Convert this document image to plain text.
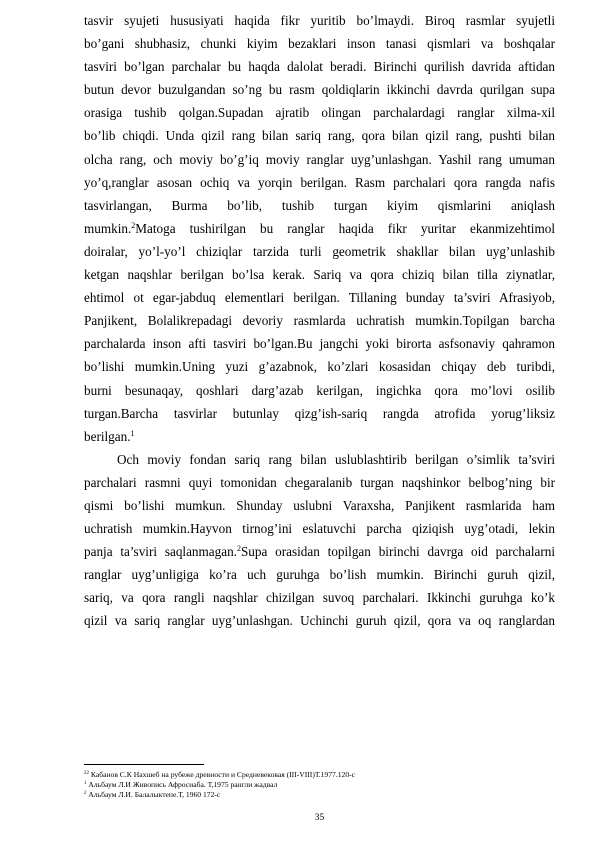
tasvir syujeti hususiyati haqida fikr yuritib bo’lmaydi. Biroq rasmlar syujetli
bo’gani shubhasiz, chunki kiyim bezaklari inson tanasi qismlari va boshqalar
tasviri bo’lgan parchalar bu haqda dalolat beradi. Birinchi qurilish davrida aftidan
butun devor buzulgandan so’ng bu rasm qoldiqlarin ikkinchi davrda qurilgan supa
orasiga tushib qolgan.Supadan ajratib olingan parchalardagi ranglar xilma-xil
bo’lib chiqdi. Unda qizil rang bilan sariq rang, qora bilan qizil rang, pushti bilan
olcha rang, och moviy bo’g’iq moviy ranglar uyg’unlashgan. Yashil rang umuman
yo’q,ranglar asosan ochiq va yorqin berilgan. Rasm parchalari qora rangda nafis
tasvirlangan, Burma bo’lib, tushib turgan kiyim qismlarini aniqlash
mumkin.$^2$Matoga tushirilgan bu ranglar haqida fikr yuritar ekanmizehtimol
doiralar, yo’l-yo’l chiziqlar tarzida turli geometrik shakllar bilan uyg’unlashib
ketgan naqshlar berilgan bo’lsa kerak. Sariq va qora chiziq bilan tilla ziynatlar,
ehtimol ot egar-jabduq elementlari berilgan. Tillaning bunday ta’sviri Afrasiyob,
Panjikent, Bolalikrepadagi devoriy rasmlarda uchratish mumkin.Topilgan barcha
parchalarda inson afti tasviri bo’lgan.Bu jangchi yoki birorta asfsonaviy qahramon
bo’lishi mumkin.Uning yuzi g’azabnok, ko’zlari kosasidan chiqay deb turibdi,
burni besunaqay, qoshlari darg’azab kerilgan, ingichka qora mo’lovi osilib
turgan.Barcha tasvirlar butunlay qizg’ish-sariq rangda atrofida yorug’liksiz
berilgan.$^1$
Och moviy fondan sariq rang bilan uslublashtirib berilgan o’simlik ta’sviri
parchalari rasmni quyi tomonidan chegaralanib turgan naqshinkor belbog’ning bir
qismi bo’lishi mumkun. Shunday uslubni Varaxsha, Panjikent rasmlarida ham
uchratish mumkin.Hayvon tirnog’ini eslatuvchi parcha qiziqish uyg’otadi, lekin
panja ta’sviri saqlanmagan.$^2$Supa orasidan topilgan birinchi davrga oid parchalarni
ranglar uyg’unligiga ko’ra uch guruhga bo’lish mumkin. Birinchi guruh qizil,
sariq, va qora rangli naqshlar chizilgan suvoq parchalari. Ikkinchi guruhga ko’k
qizil va sariq ranglar uyg’unlashgan. Uchinchi guruh qizil, qora va oq ranglardan
$^{22}$ Кабанов С.К Нахшеб на рубеже древности и Средневековая (III-VIII)Т.1977.120-с
$^1$ Альбаум Л.И Живопись Афросиаба. Т,1975 рангли жадвал
$^2$ Альбаум Л.И. Балалыктепе.Т, 1960 172-с
35
